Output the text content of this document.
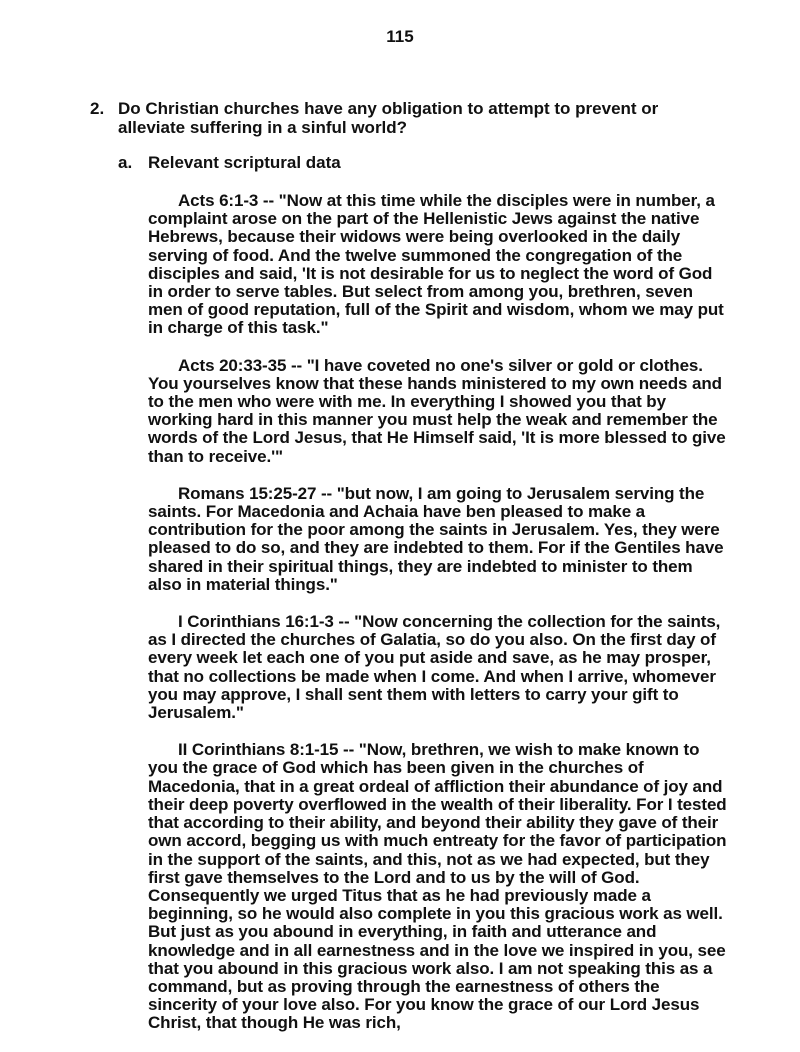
115
2. Do Christian churches have any obligation to attempt to prevent or alleviate suffering in a sinful world?
a. Relevant scriptural data

Acts 6:1-3 -- "Now at this time while the disciples were in number, a complaint arose on the part of the Hellenistic Jews against the native Hebrews, because their widows were being overlooked in the daily serving of food. And the twelve summoned the congregation of the disciples and said, 'It is not desirable for us to neglect the word of God in order to serve tables. But select from among you, brethren, seven men of good reputation, full of the Spirit and wisdom, whom we may put in charge of this task."

Acts 20:33-35 -- "I have coveted no one's silver or gold or clothes. You yourselves know that these hands ministered to my own needs and to the men who were with me. In everything I showed you that by working hard in this manner you must help the weak and remember the words of the Lord Jesus, that He Himself said, 'It is more blessed to give than to receive.'"

Romans 15:25-27 -- "but now, I am going to Jerusalem serving the saints. For Macedonia and Achaia have ben pleased to make a contribution for the poor among the saints in Jerusalem. Yes, they were pleased to do so, and they are indebted to them. For if the Gentiles have shared in their spiritual things, they are indebted to minister to them also in material things."

I Corinthians 16:1-3 -- "Now concerning the collection for the saints, as I directed the churches of Galatia, so do you also. On the first day of every week let each one of you put aside and save, as he may prosper, that no collections be made when I come. And when I arrive, whomever you may approve, I shall sent them with letters to carry your gift to Jerusalem."

II Corinthians 8:1-15 -- "Now, brethren, we wish to make known to you the grace of God which has been given in the churches of Macedonia, that in a great ordeal of affliction their abundance of joy and their deep poverty overflowed in the wealth of their liberality. For I tested that according to their ability, and beyond their ability they gave of their own accord, begging us with much entreaty for the favor of participation in the support of the saints, and this, not as we had expected, but they first gave themselves to the Lord and to us by the will of God. Consequently we urged Titus that as he had previously made a beginning, so he would also complete in you this gracious work as well. But just as you abound in everything, in faith and utterance and knowledge and in all earnestness and in the love we inspired in you, see that you abound in this gracious work also. I am not speaking this as a command, but as proving through the earnestness of others the sincerity of your love also. For you know the grace of our Lord Jesus Christ, that though He was rich,
